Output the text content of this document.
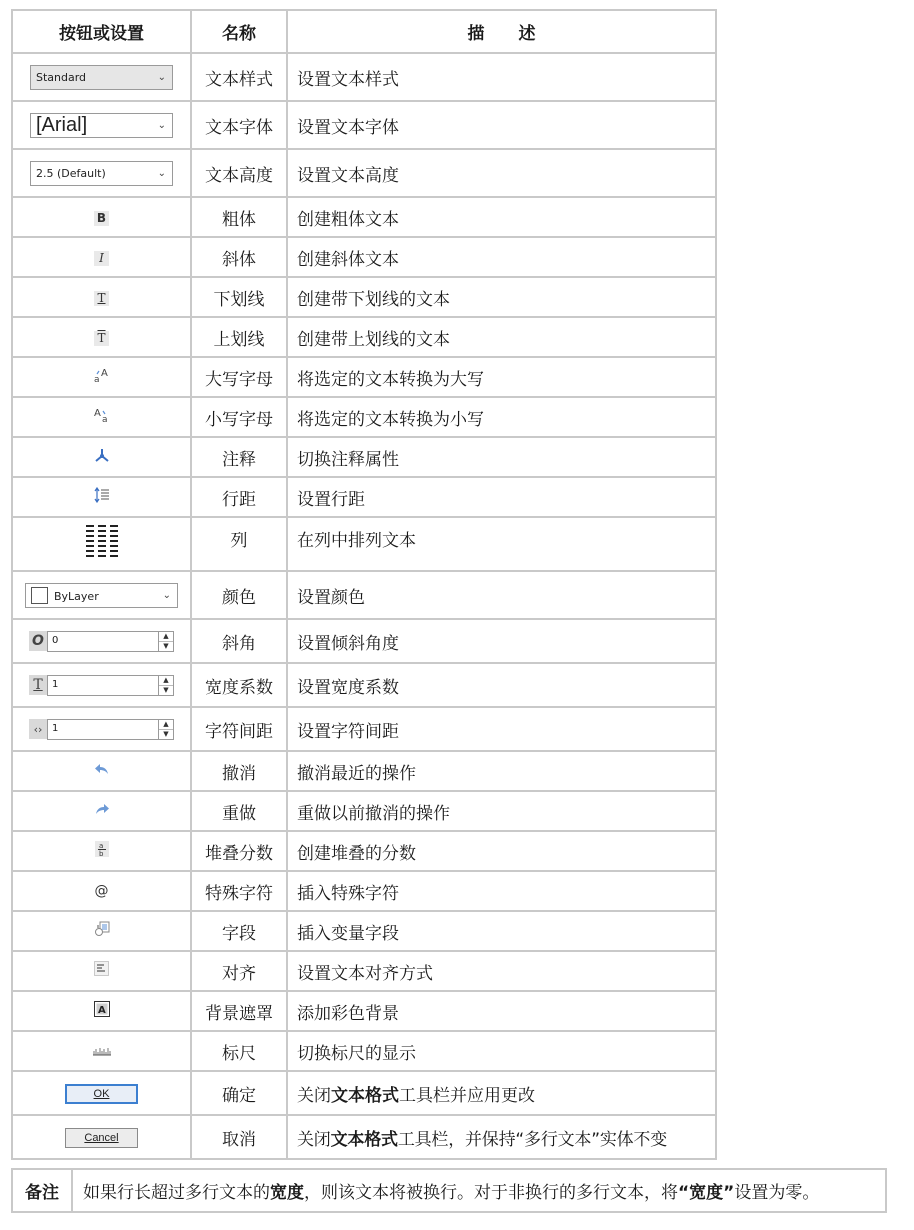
按钮或设置	名称	描　　述

Standard ⌄	文本样式	设置文本样式

[Arial] ⌄	文本字体	设置文本字体

2.5 (Default) ⌄	文本高度	设置文本高度
B	粗体	创建粗体文本
I	斜体	创建斜体文本
T	下划线	创建带下划线的文本
$\overline{T}$	上划线	创建带上划线的文本

a
A	大写字母	将选定的文本转换为大写

A
a	小写字母	将选定的文本转换为小写
	注释	切换注释属性
	行距	设置行距
	列	在列中排列文本

ByLayer ⌄	颜色	设置颜色

O 0 ▲
▼	斜角	设置倾斜角度

T 1 ▲
▼	宽度系数	设置宽度系数

‹› 1 ▲
▼	字符间距	设置字符间距
	撤消	撤消最近的操作
	重做	重做以前撤消的操作

a
b	堆叠分数	创建堆叠的分数
@	特殊字符	插入特殊字符
	字段	插入变量字段
	对齐	设置文本对齐方式

A	背景遮罩	添加彩色背景
	标尺	切换标尺的显示
OK	确定	关闭文本格式工具栏并应用更改
Cancel	取消	关闭文本格式工具栏，并保持“多行文本”实体不变
备注	如果行长超过多行文本的宽度，则该文本将被换行。对于非换行的多行文本，将“宽度”设置为零。
